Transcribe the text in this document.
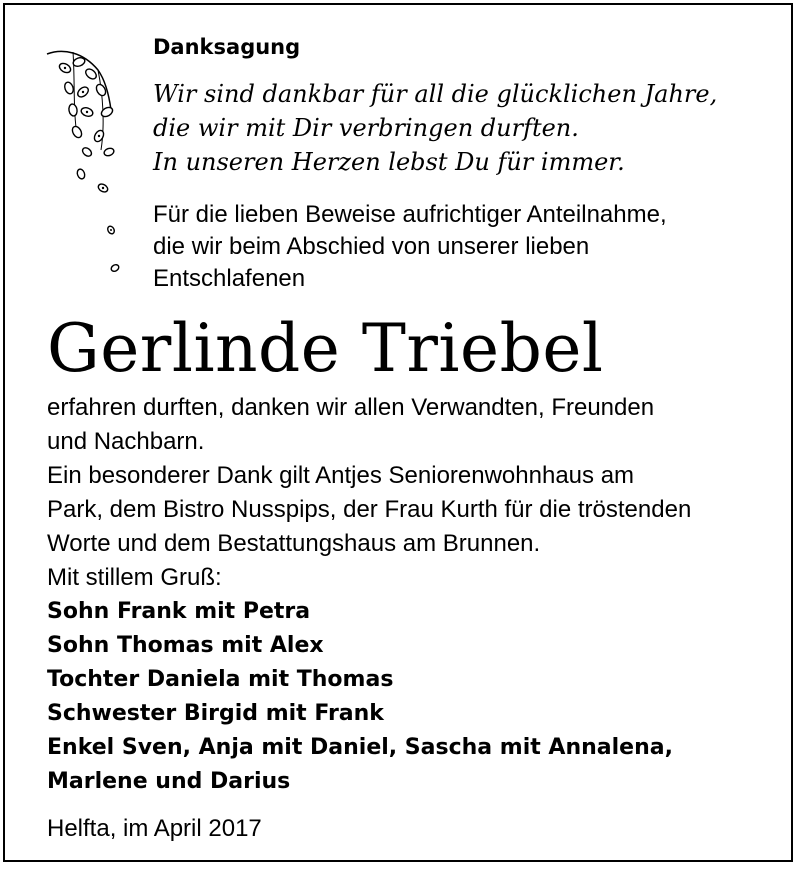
Danksagung
Wir sind dankbar für all die glücklichen Jahre,
die wir mit Dir verbringen durften.
In unseren Herzen lebst Du für immer.
Für die lieben Beweise aufrichtiger Anteilnahme,
die wir beim Abschied von unserer lieben
Entschlafenen
Gerlinde Triebel
erfahren durften, danken wir allen Verwandten, Freunden
und Nachbarn.
Ein besonderer Dank gilt Antjes Seniorenwohnhaus am
Park, dem Bistro Nusspips, der Frau Kurth für die tröstenden
Worte und dem Bestattungshaus am Brunnen.
Mit stillem Gruß:
Sohn Frank mit Petra
Sohn Thomas mit Alex
Tochter Daniela mit Thomas
Schwester Birgid mit Frank
Enkel Sven, Anja mit Daniel, Sascha mit Annalena,
Marlene und Darius
Helfta, im April 2017
